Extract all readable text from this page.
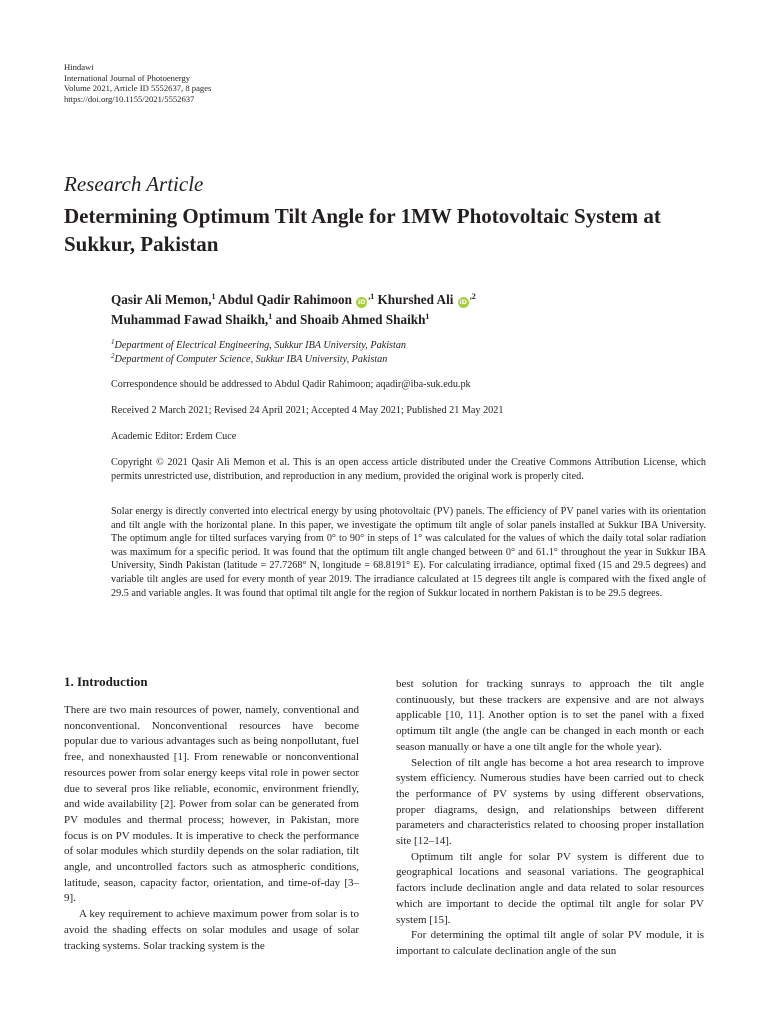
Hindawi
International Journal of Photoenergy
Volume 2021, Article ID 5552637, 8 pages
https://doi.org/10.1155/2021/5552637
Research Article
Determining Optimum Tilt Angle for 1MW Photovoltaic System at Sukkur, Pakistan
Qasir Ali Memon,$^1$ Abdul Qadir Rahimoon $iD^{,1}$ Khurshed Ali $iD^{,2}$
Muhammad Fawad Shaikh,$^1$ and Shoaib Ahmed Shaikh$^1$
$^1$Department of Electrical Engineering, Sukkur IBA University, Pakistan
$^2$Department of Computer Science, Sukkur IBA University, Pakistan
Correspondence should be addressed to Abdul Qadir Rahimoon; aqadir@iba-suk.edu.pk
Received 2 March 2021; Revised 24 April 2021; Accepted 4 May 2021; Published 21 May 2021
Academic Editor: Erdem Cuce
Copyright © 2021 Qasir Ali Memon et al. This is an open access article distributed under the Creative Commons Attribution License, which permits unrestricted use, distribution, and reproduction in any medium, provided the original work is properly cited.
Solar energy is directly converted into electrical energy by using photovoltaic (PV) panels. The efficiency of PV panel varies with its orientation and tilt angle with the horizontal plane. In this paper, we investigate the optimum tilt angle of solar panels installed at Sukkur IBA University. The optimum angle for tilted surfaces varying from 0° to 90° in steps of 1° was calculated for the values of which the daily total solar radiation was maximum for a specific period. It was found that the optimum tilt angle changed between 0° and 61.1° throughout the year in Sukkur IBA University, Sindh Pakistan (latitude = 27.7268° N, longitude = 68.8191° E). For calculating irradiance, optimal fixed (15 and 29.5 degrees) and variable tilt angles are used for every month of year 2019. The irradiance calculated at 15 degrees tilt angle is compared with the fixed angle of 29.5 and variable angles. It was found that optimal tilt angle for the region of Sukkur located in northern Pakistan is to be 29.5 degrees.
1. Introduction

There are two main resources of power, namely, conventional and nonconventional. Nonconventional resources have become popular due to various advantages such as being nonpollutant, fuel free, and nonexhausted [1]. From renewable or nonconventional resources power from solar energy keeps vital role in power sector due to several pros like reliable, economic, environment friendly, and wide availability [2]. Power from solar can be generated from PV modules and thermal process; however, in Pakistan, more focus is on PV modules. It is imperative to check the performance of solar modules which sturdily depends on the solar radiation, tilt angle, and uncontrolled factors such as atmospheric conditions, latitude, season, capacity factor, orientation, and time-of-day [3–9].

A key requirement to achieve maximum power from solar is to avoid the shading effects on solar modules and usage of solar tracking systems. Solar tracking system is the

best solution for tracking sunrays to approach the tilt angle continuously, but these trackers are expensive and are not always applicable [10, 11]. Another option is to set the panel with a fixed optimum tilt angle (the angle can be changed in each month or each season manually or have a one tilt angle for the whole year).

Selection of tilt angle has become a hot area research to improve system efficiency. Numerous studies have been carried out to check the performance of PV systems by using different observations, proper diagrams, design, and relationships between different parameters and characteristics related to choosing proper installation site [12–14].

Optimum tilt angle for solar PV system is different due to geographical locations and seasonal variations. The geographical factors include declination angle and data related to solar resources which are important to decide the optimal tilt angle for solar PV system [15].

For determining the optimal tilt angle of solar PV module, it is important to calculate declination angle of the sun
